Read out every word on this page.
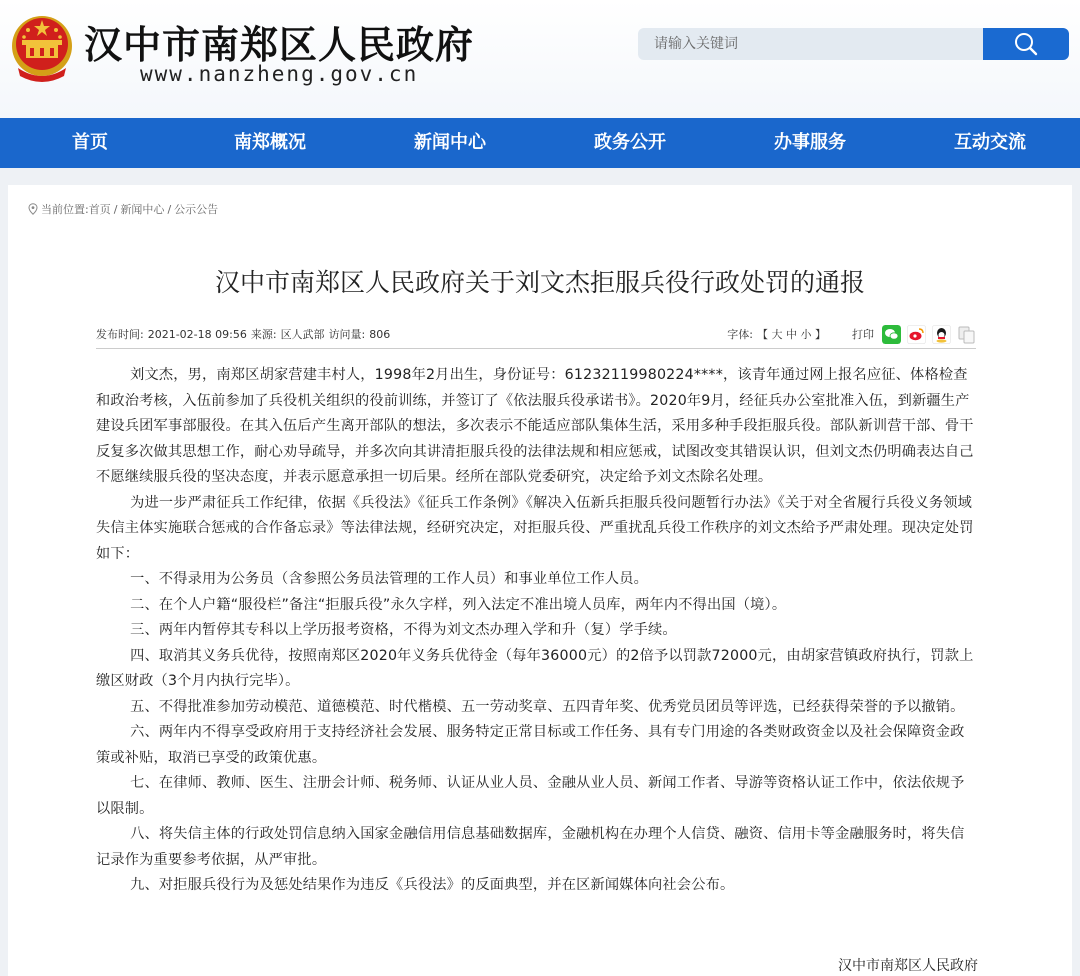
汉中市南郑区人民政府
www.nanzheng.gov.cn
请输入关键词
首页	南郑概况	新闻中心	政务公开	办事服务	互动交流
当前位置: 首页 / 新闻中心 / 公示公告
汉中市南郑区人民政府关于刘文杰拒服兵役行政处罚的通报
发布时间: 2021-02-18 09:56 来源: 区人武部 访问量: 806	字体: 【 大 中 小 】 打印

刘文杰，男，南郑区胡家营建丰村人，1998年2月出生，身份证号：61232119980224****，该青年通过网上报名应征、体格检查和政治考核，入伍前参加了兵役机关组织的役前训练，并签订了《依法服兵役承诺书》。2020年9月，经征兵办公室批准入伍，到新疆生产建设兵团军事部服役。在其入伍后产生离开部队的想法，多次表示不能适应部队集体生活，采用多种手段拒服兵役。部队新训营干部、骨干反复多次做其思想工作，耐心劝导疏导，并多次向其讲清拒服兵役的法律法规和相应惩戒，试图改变其错误认识，但刘文杰仍明确表达自己不愿继续服兵役的坚决态度，并表示愿意承担一切后果。经所在部队党委研究，决定给予刘文杰除名处理。

为进一步严肃征兵工作纪律，依据《兵役法》《征兵工作条例》《解决入伍新兵拒服兵役问题暂行办法》《关于对全省履行兵役义务领域失信主体实施联合惩戒的合作备忘录》等法律法规，经研究决定，对拒服兵役、严重扰乱兵役工作秩序的刘文杰给予严肃处理。现决定处罚如下：

一、不得录用为公务员（含参照公务员法管理的工作人员）和事业单位工作人员。

二、在个人户籍“服役栏”备注“拒服兵役”永久字样，列入法定不准出境人员库，两年内不得出国（境）。

三、两年内暂停其专科以上学历报考资格，不得为刘文杰办理入学和升（复）学手续。

四、取消其义务兵优待，按照南郑区2020年义务兵优待金（每年36000元）的2倍予以罚款72000元，由胡家营镇政府执行，罚款上缴区财政（3个月内执行完毕）。

五、不得批准参加劳动模范、道德模范、时代楷模、五一劳动奖章、五四青年奖、优秀党员团员等评选，已经获得荣誉的予以撤销。

六、两年内不得享受政府用于支持经济社会发展、服务特定正常目标或工作任务、具有专门用途的各类财政资金以及社会保障资金政策或补贴，取消已享受的政策优惠。

七、在律师、教师、医生、注册会计师、税务师、认证从业人员、金融从业人员、新闻工作者、导游等资格认证工作中，依法依规予以限制。

八、将失信主体的行政处罚信息纳入国家金融信用信息基础数据库，金融机构在办理个人信贷、融资、信用卡等金融服务时，将失信记录作为重要参考依据，从严审批。

九、对拒服兵役行为及惩处结果作为违反《兵役法》的反面典型，并在区新闻媒体向社会公布。

汉中市南郑区人民政府
